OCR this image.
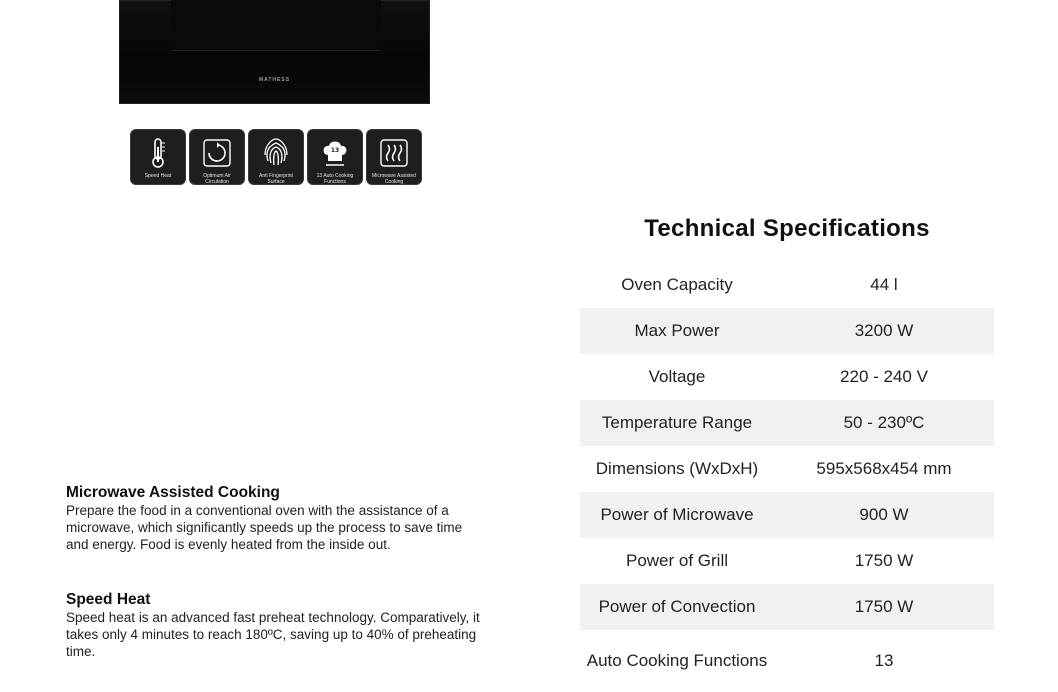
MATHESS
Speed Heat	Optimum Air Circulation
Anti Fingerprint Surface
13
13 Auto Cooking Functions
Microwave Assisted Cooking
Microwave Assisted Cooking

Prepare the food in a conventional oven with the assistance of a microwave, which significantly speeds up the process to save time and energy. Food is evenly heated from the inside out.

Speed Heat

Speed heat is an advanced fast preheat technology. Comparatively, it takes only 4 minutes to reach 180ºC, saving up to 40% of preheating time.

Technical Specifications
Oven Capacity	44 l
Max Power	3200 W
Voltage	220 - 240 V
Temperature Range	50 - 230ºC
Dimensions (WxDxH)	595x568x454 mm
Power of Microwave	900 W
Power of Grill	1750 W
Power of Convection	1750 W
Auto Cooking Functions	13
